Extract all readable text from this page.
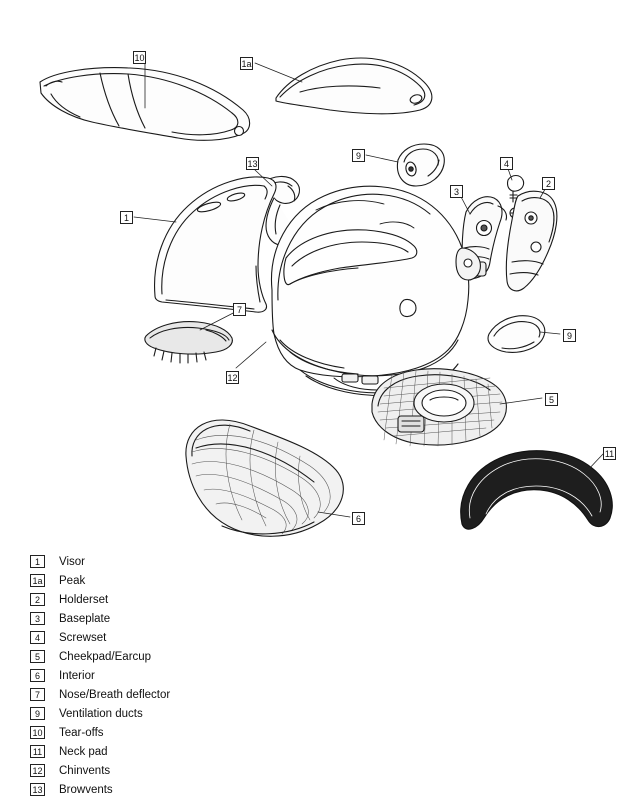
10
1a
9
4
13
3
2
1
7
9
12
5
11
6
1	Visor
1a Peak
2	Holderset
3	Baseplate
4	Screwset
5	Cheekpad/Earcup
6	Interior
7	Nose/Breath deflector
9	Ventilation ducts
10 Tear-offs
11 Neck pad
12 Chinvents
13 Browvents
